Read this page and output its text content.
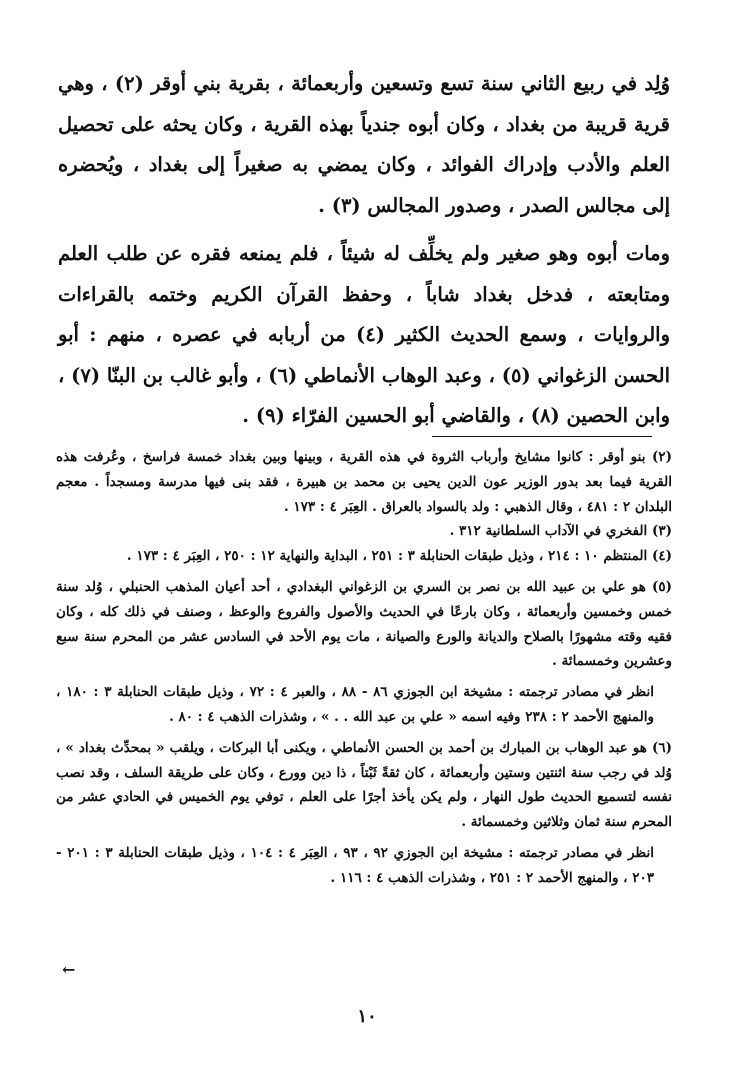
وُلِد في ربيع الثاني سنة تسع وتسعين وأربعمائة ، بقرية بني أوقر (٢) ، وهي قرية قريبة من بغداد ، وكان أبوه جندياً بهذه القرية ، وكان يحثه على تحصيل العلم والأدب وإدراك الفوائد ، وكان يمضي به صغيراً إلى بغداد ، ويُحضره إلى مجالس الصدر ، وصدور المجالس (٣) .

ومات أبوه وهو صغير ولم يخلِّف له شيئاً ، فلم يمنعه فقره عن طلب العلم ومتابعته ، فدخل بغداد شاباً ، وحفظ القرآن الكريم وختمه بالقراءات والروايات ، وسمع الحديث الكثير (٤) من أربابه في عصره ، منهم : أبو الحسن الزغواني (٥) ، وعبد الوهاب الأنماطي (٦) ، وأبو غالب بن البنّا (٧) ، وابن الحصين (٨) ، والقاضي أبو الحسين الفرّاء (٩) .

(٢) بنو أوقر : كانوا مشايخ وأرباب الثروة في هذه القرية ، وبينها وبين بغداد خمسة فراسخ ، وعُرفت هذه القرية فيما بعد بدور الوزير عون الدين يحيى بن محمد بن هبيرة ، فقد بنى فيها مدرسة ومسجداً . معجم البلدان ٢ : ٤٨١ ، وقال الذهبي : ولد بالسواد بالعراق . العِبَر ٤ : ١٧٣ .

(٣) الفخري في الآداب السلطانية ٣١٢ .

(٤) المنتظم ١٠ : ٢١٤ ، وذيل طبقات الحنابلة ٣ : ٢٥١ ، البداية والنهاية ١٢ : ٢٥٠ ، العِبَر ٤ : ١٧٣ .

(٥) هو علي بن عبيد الله بن نصر بن السري بن الزغواني البغدادي ، أحد أعيان المذهب الحنبلي ، وُلد سنة خمس وخمسين وأربعمائة ، وكان بارعًا في الحديث والأصول والفروع والوعظ ، وصنف في ذلك كله ، وكان فقيه وقته مشهورًا بالصلاح والديانة والورع والصيانة ، مات يوم الأحد في السادس عشر من المحرم سنة سبع وعشرين وخمسمائة .

انظر في مصادر ترجمته : مشيخة ابن الجوزي ٨٦ - ٨٨ ، والعبر ٤ : ٧٢ ، وذيل طبقات الحنابلة ٣ : ١٨٠ ، والمنهج الأحمد ٢ : ٢٣٨ وفيه اسمه « علي بن عبد الله . . » ، وشذرات الذهب ٤ : ٨٠ .

(٦) هو عبد الوهاب بن المبارك بن أحمد بن الحسن الأنماطي ، ويكنى أبا البركات ، ويلقب « بمحدِّث بغداد » ، وُلد في رجب سنة اثنتين وستين وأربعمائة ، كان ثقةً ثَبْتاً ، ذا دين وورع ، وكان على طريقة السلف ، وقد نصب نفسه لتسميع الحديث طول النهار ، ولم يكن يأخذ أجرًا على العلم ، توفي يوم الخميس في الحادي عشر من المحرم سنة ثمان وثلاثين وخمسمائة .

انظر في مصادر ترجمته : مشيخة ابن الجوزي ٩٢ ، ٩٣ ، العِبَر ٤ : ١٠٤ ، وذيل طبقات الحنابلة ٣ : ٢٠١ - ٢٠٣ ، والمنهج الأحمد ٢ : ٢٥١ ، وشذرات الذهب ٤ : ١١٦ .

←
١٠
